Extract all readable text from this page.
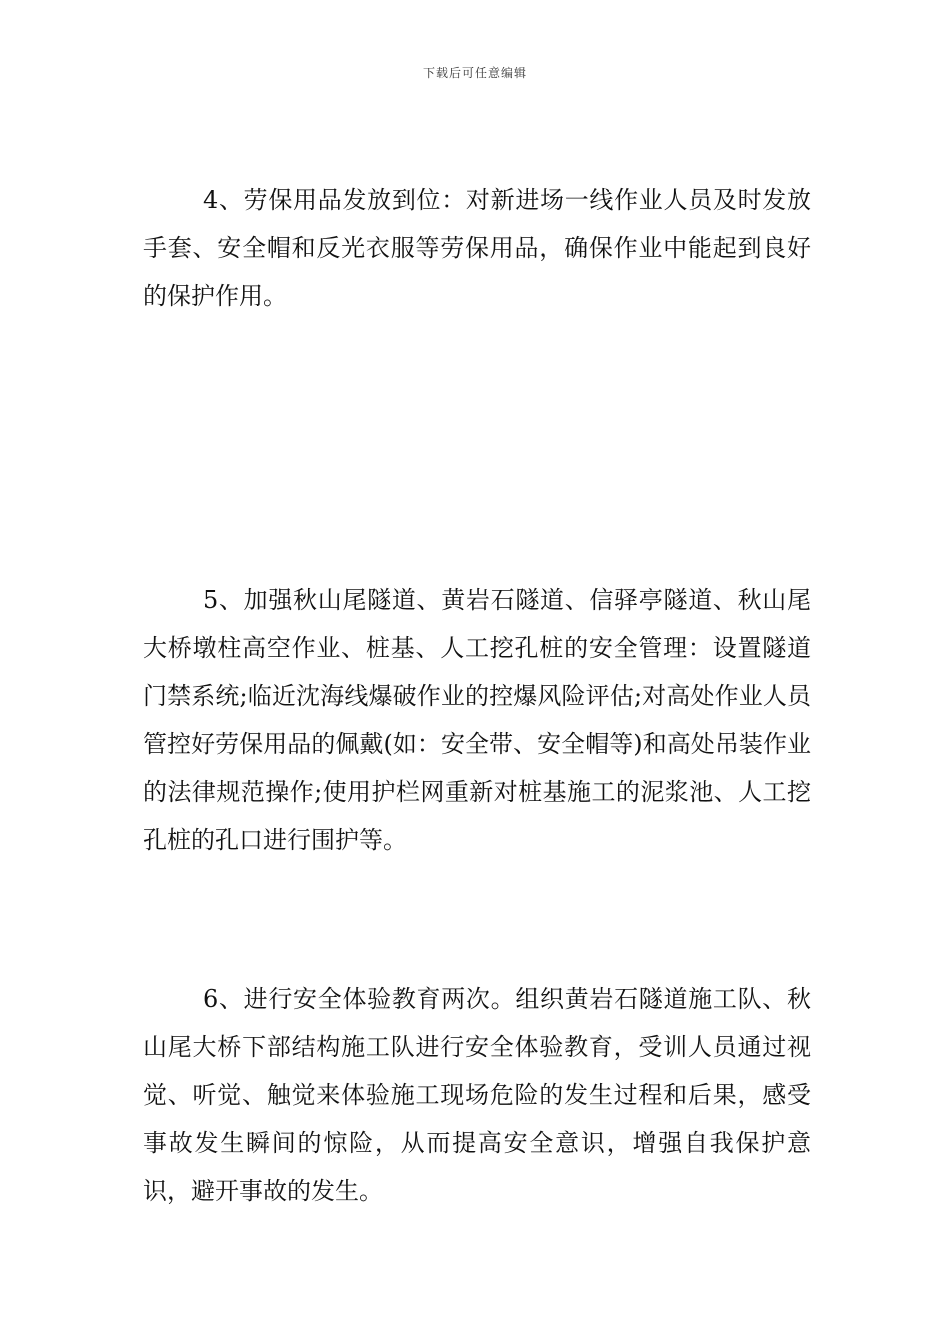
下载后可任意编辑

4、劳保用品发放到位：对新进场一线作业人员及时发放手套、安全帽和反光衣服等劳保用品，确保作业中能起到良好的保护作用。

5、加强秋山尾隧道、黄岩石隧道、信驿亭隧道、秋山尾大桥墩柱高空作业、桩基、人工挖孔桩的安全管理：设置隧道门禁系统;临近沈海线爆破作业的控爆风险评估;对高处作业人员管控好劳保用品的佩戴(如：安全带、安全帽等)和高处吊装作业的法律规范操作;使用护栏网重新对桩基施工的泥浆池、人工挖孔桩的孔口进行围护等。

6、进行安全体验教育两次。组织黄岩石隧道施工队、秋山尾大桥下部结构施工队进行安全体验教育，受训人员通过视觉、听觉、触觉来体验施工现场危险的发生过程和后果，感受事故发生瞬间的惊险，从而提高安全意识，增强自我保护意识，避开事故的发生。
